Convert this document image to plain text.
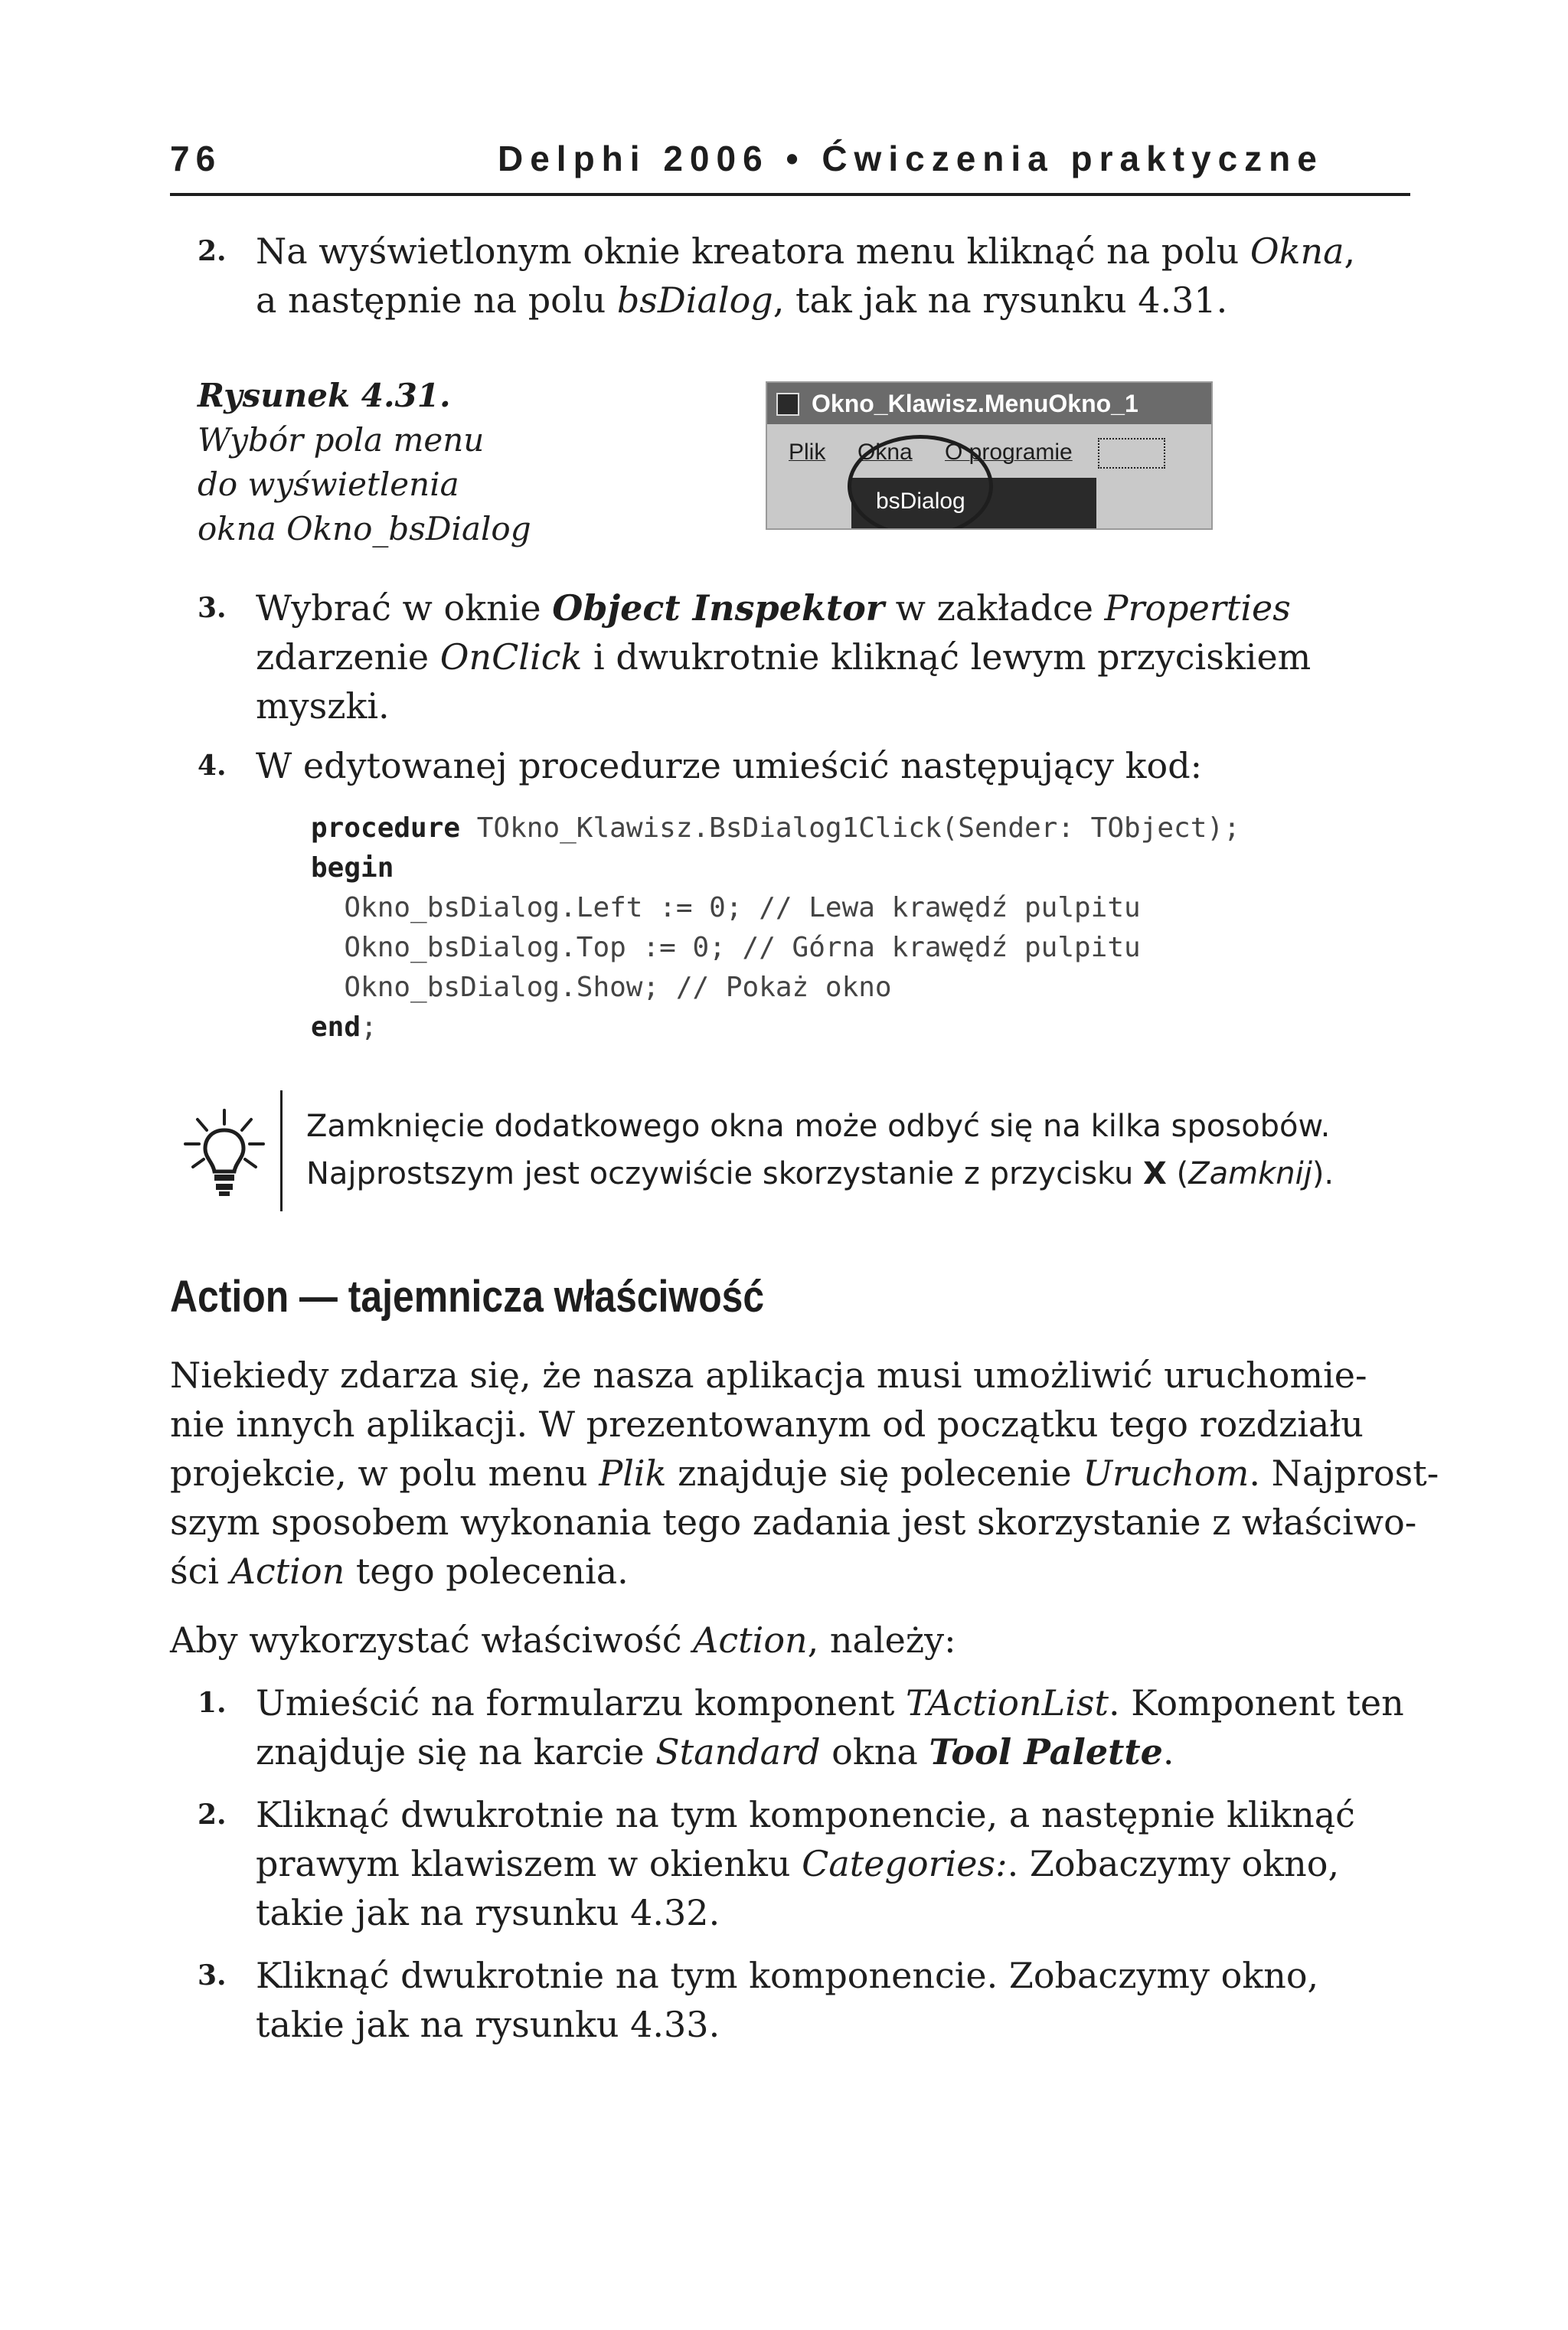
76	Delphi 2006 • Ćwiczenia praktyczne
2. Na wyświetlonym oknie kreatora menu kliknąć na polu Okna,
a następnie na polu bsDialog, tak jak na rysunku 4.31.
Rysunek 4.31.
Wybór pola menu
do wyświetlenia
okna Okno_bsDialog
Okno_Klawisz.MenuOkno_1
Plik Okna O programie
bsDialog
3. Wybrać w oknie Object Inspektor w zakładce Properties
zdarzenie OnClick i dwukrotnie kliknąć lewym przyciskiem
myszki.
4. W edytowanej procedurze umieścić następujący kod:
procedure TOkno_Klawisz.BsDialog1Click(Sender: TObject);
begin
Okno_bsDialog.Left := 0; // Lewa krawędź pulpitu
Okno_bsDialog.Top := 0; // Górna krawędź pulpitu
Okno_bsDialog.Show; // Pokaż okno
end;
Zamknięcie dodatkowego okna może odbyć się na kilka sposobów.
Najprostszym jest oczywiście skorzystanie z przycisku X (Zamknij).
Action — tajemnicza właściwość
Niekiedy zdarza się, że nasza aplikacja musi umożliwić uruchomie-
nie innych aplikacji. W prezentowanym od początku tego rozdziału
projekcie, w polu menu Plik znajduje się polecenie Uruchom. Najprost-
szym sposobem wykonania tego zadania jest skorzystanie z właściwo-
ści Action tego polecenia.
Aby wykorzystać właściwość Action, należy:
1. Umieścić na formularzu komponent TActionList. Komponent ten
znajduje się na karcie Standard okna Tool Palette.
2. Kliknąć dwukrotnie na tym komponencie, a następnie kliknąć
prawym klawiszem w okienku Categories:. Zobaczymy okno,
takie jak na rysunku 4.32.
3. Kliknąć dwukrotnie na tym komponencie. Zobaczymy okno,
takie jak na rysunku 4.33.
